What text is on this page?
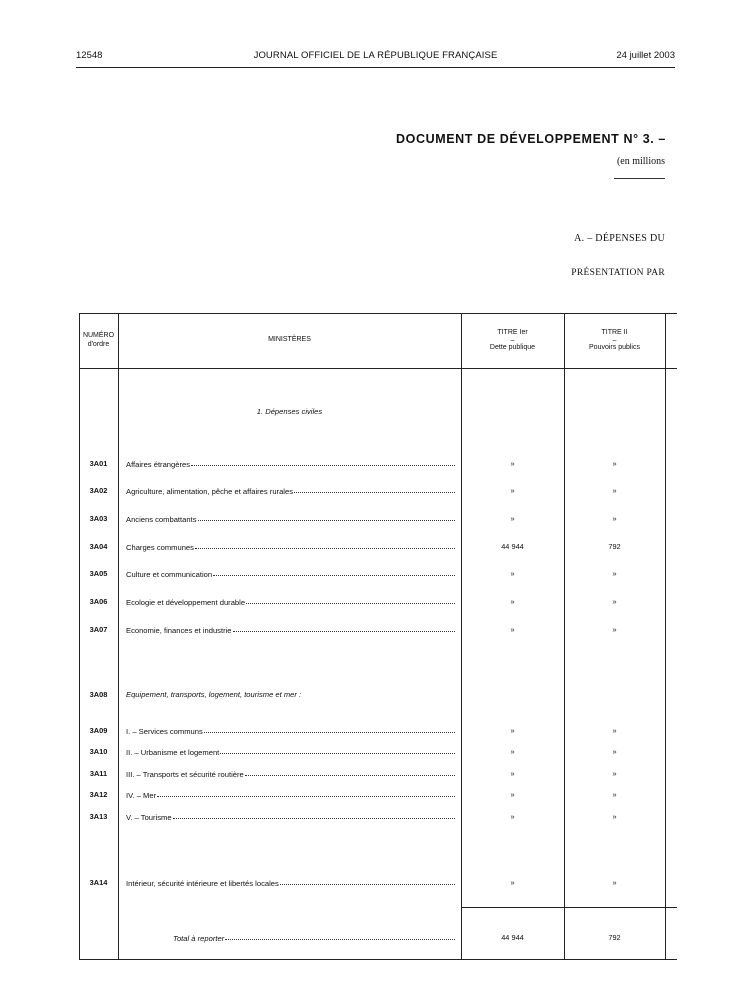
12548	JOURNAL OFFICIEL DE LA RÉPUBLIQUE FRANÇAISE	24 juillet 2003
DOCUMENT DE DÉVELOPPEMENT N° 3. –
(en millions
A. – DÉPENSES DU
PRÉSENTATION PAR
NUMÉRO
d'ordre
MINISTÈRES
TITRE Ier
–
Dette publique
TITRE II
–
Pouvoirs publics
1. Dépenses civiles
3A01	Affaires étrangères	»	»
3A02	Agriculture, alimentation, pêche et affaires rurales	»	»
3A03	Anciens combattants	»	»
3A04	Charges communes	44 944	792
3A05	Culture et communication	»	»
3A06	Ecologie et développement durable	»	»
3A07	Economie, finances et industrie	»	»
3A08	Equipement, transports, logement, tourisme et mer :
3A09	I. – Services communs	»	»
3A10	II. – Urbanisme et logement	»	»
3A11	III. – Transports et sécurité routière	»	»
3A12	IV. – Mer	»	»
3A13	V. – Tourisme	»	»
3A14	Intérieur, sécurité intérieure et libertés locales	»	»
Total à reporter	44 944	792
